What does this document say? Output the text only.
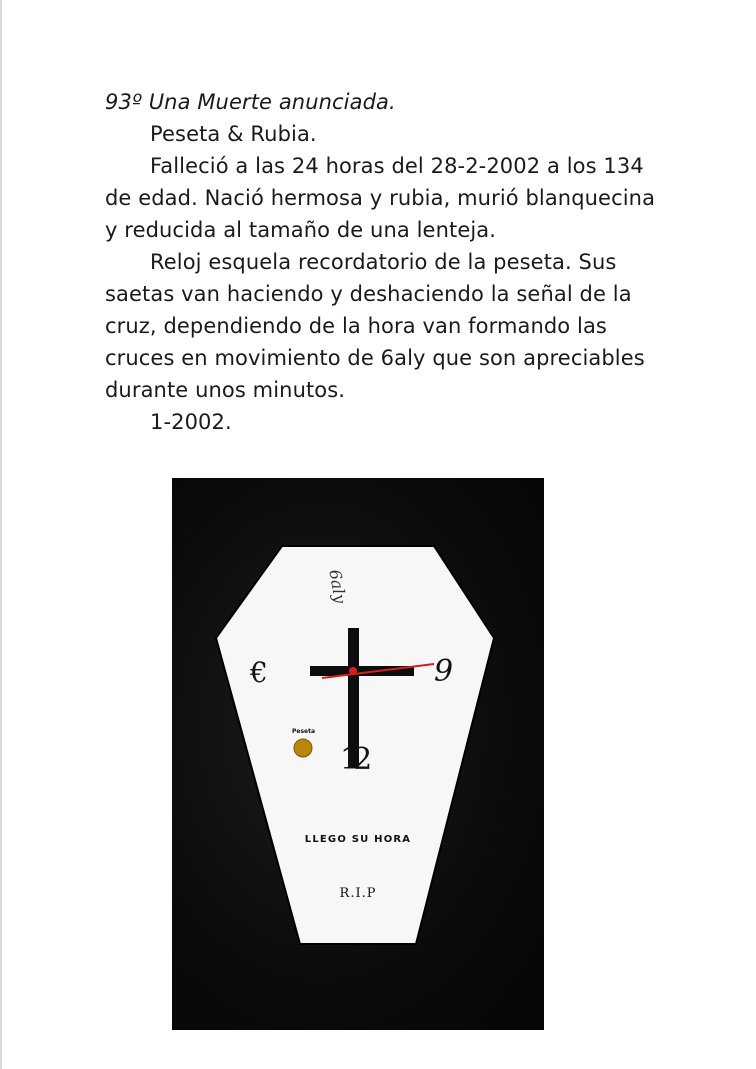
93º Una Muerte anunciada.

Peseta & Rubia.

Falleció a las 24 horas del 28-2-2002 a los 134 de edad. Nació hermosa y rubia, murió blanquecina y reducida al tamaño de una lenteja.

Reloj esquela recordatorio de la peseta. Sus saetas van haciendo y deshaciendo la señal de la cruz, dependiendo de la hora van formando las cruces en movimiento de 6aly que son apreciables durante unos minutos.

1-2002.

6aly
€	9
12
Peseta
LLEGO SU HORA
R.I.P
